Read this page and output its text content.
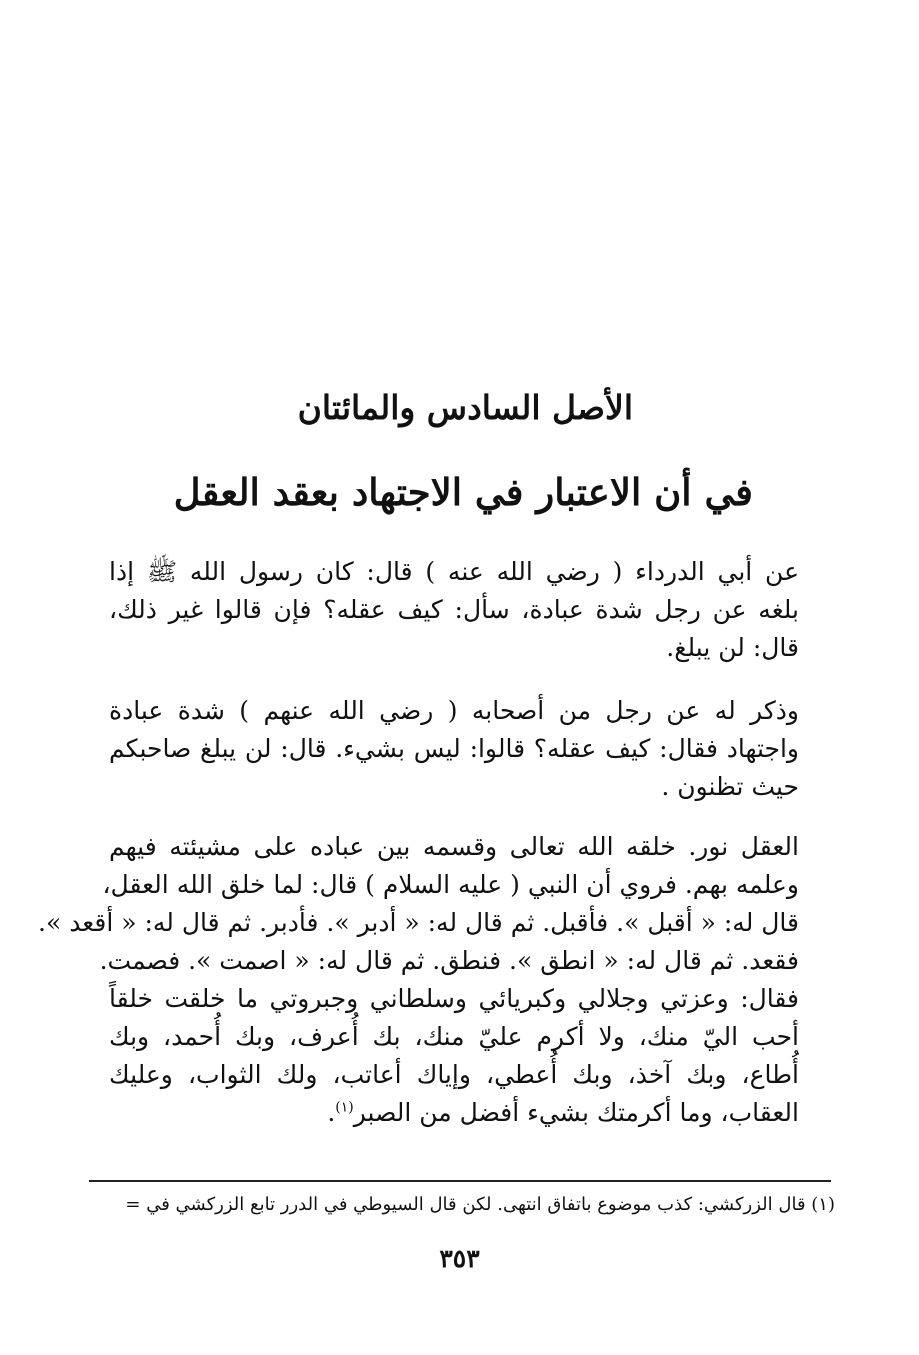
الأصل السادس والمائتان
في أن الاعتبار في الاجتهاد بعقد العقل
عن أبي الدرداء ( رضي الله عنه ) قال: كان رسول الله ﷺ إذا
بلغه عن رجل شدة عبادة، سأل: كيف عقله؟ فإن قالوا غير ذلك،
قال: لن يبلغ.
وذكر له عن رجل من أصحابه ( رضي الله عنهم ) شدة عبادة
واجتهاد فقال: كيف عقله؟ قالوا: ليس بشيء. قال: لن يبلغ صاحبكم
حيث تظنون .
العقل نور. خلقه الله تعالى وقسمه بين عباده على مشيئته فيهم
وعلمه بهم. فروي أن النبي ( عليه السلام ) قال: لما خلق الله العقل،
قال له: « أقبل ». فأقبل. ثم قال له: « أدبر ». فأدبر. ثم قال له: « أقعد ».
فقعد. ثم قال له: « انطق ». فنطق. ثم قال له: « اصمت ». فصمت.
فقال: وعزتي وجلالي وكبريائي وسلطاني وجبروتي ما خلقت خلقاً
أحب اليّ منك، ولا أكرم عليّ منك، بك أُعرف، وبك أُحمد، وبك
أُطاع، وبك آخذ، وبك أُعطي، وإياك أعاتب، ولك الثواب، وعليك
العقاب، وما أكرمتك بشيء أفضل من الصبر$^{(١)}$.
(١) قال الزركشي: كذب موضوع باتفاق انتهى. لكن قال السيوطي في الدرر تابع الزركشي في =
٣٥٣
